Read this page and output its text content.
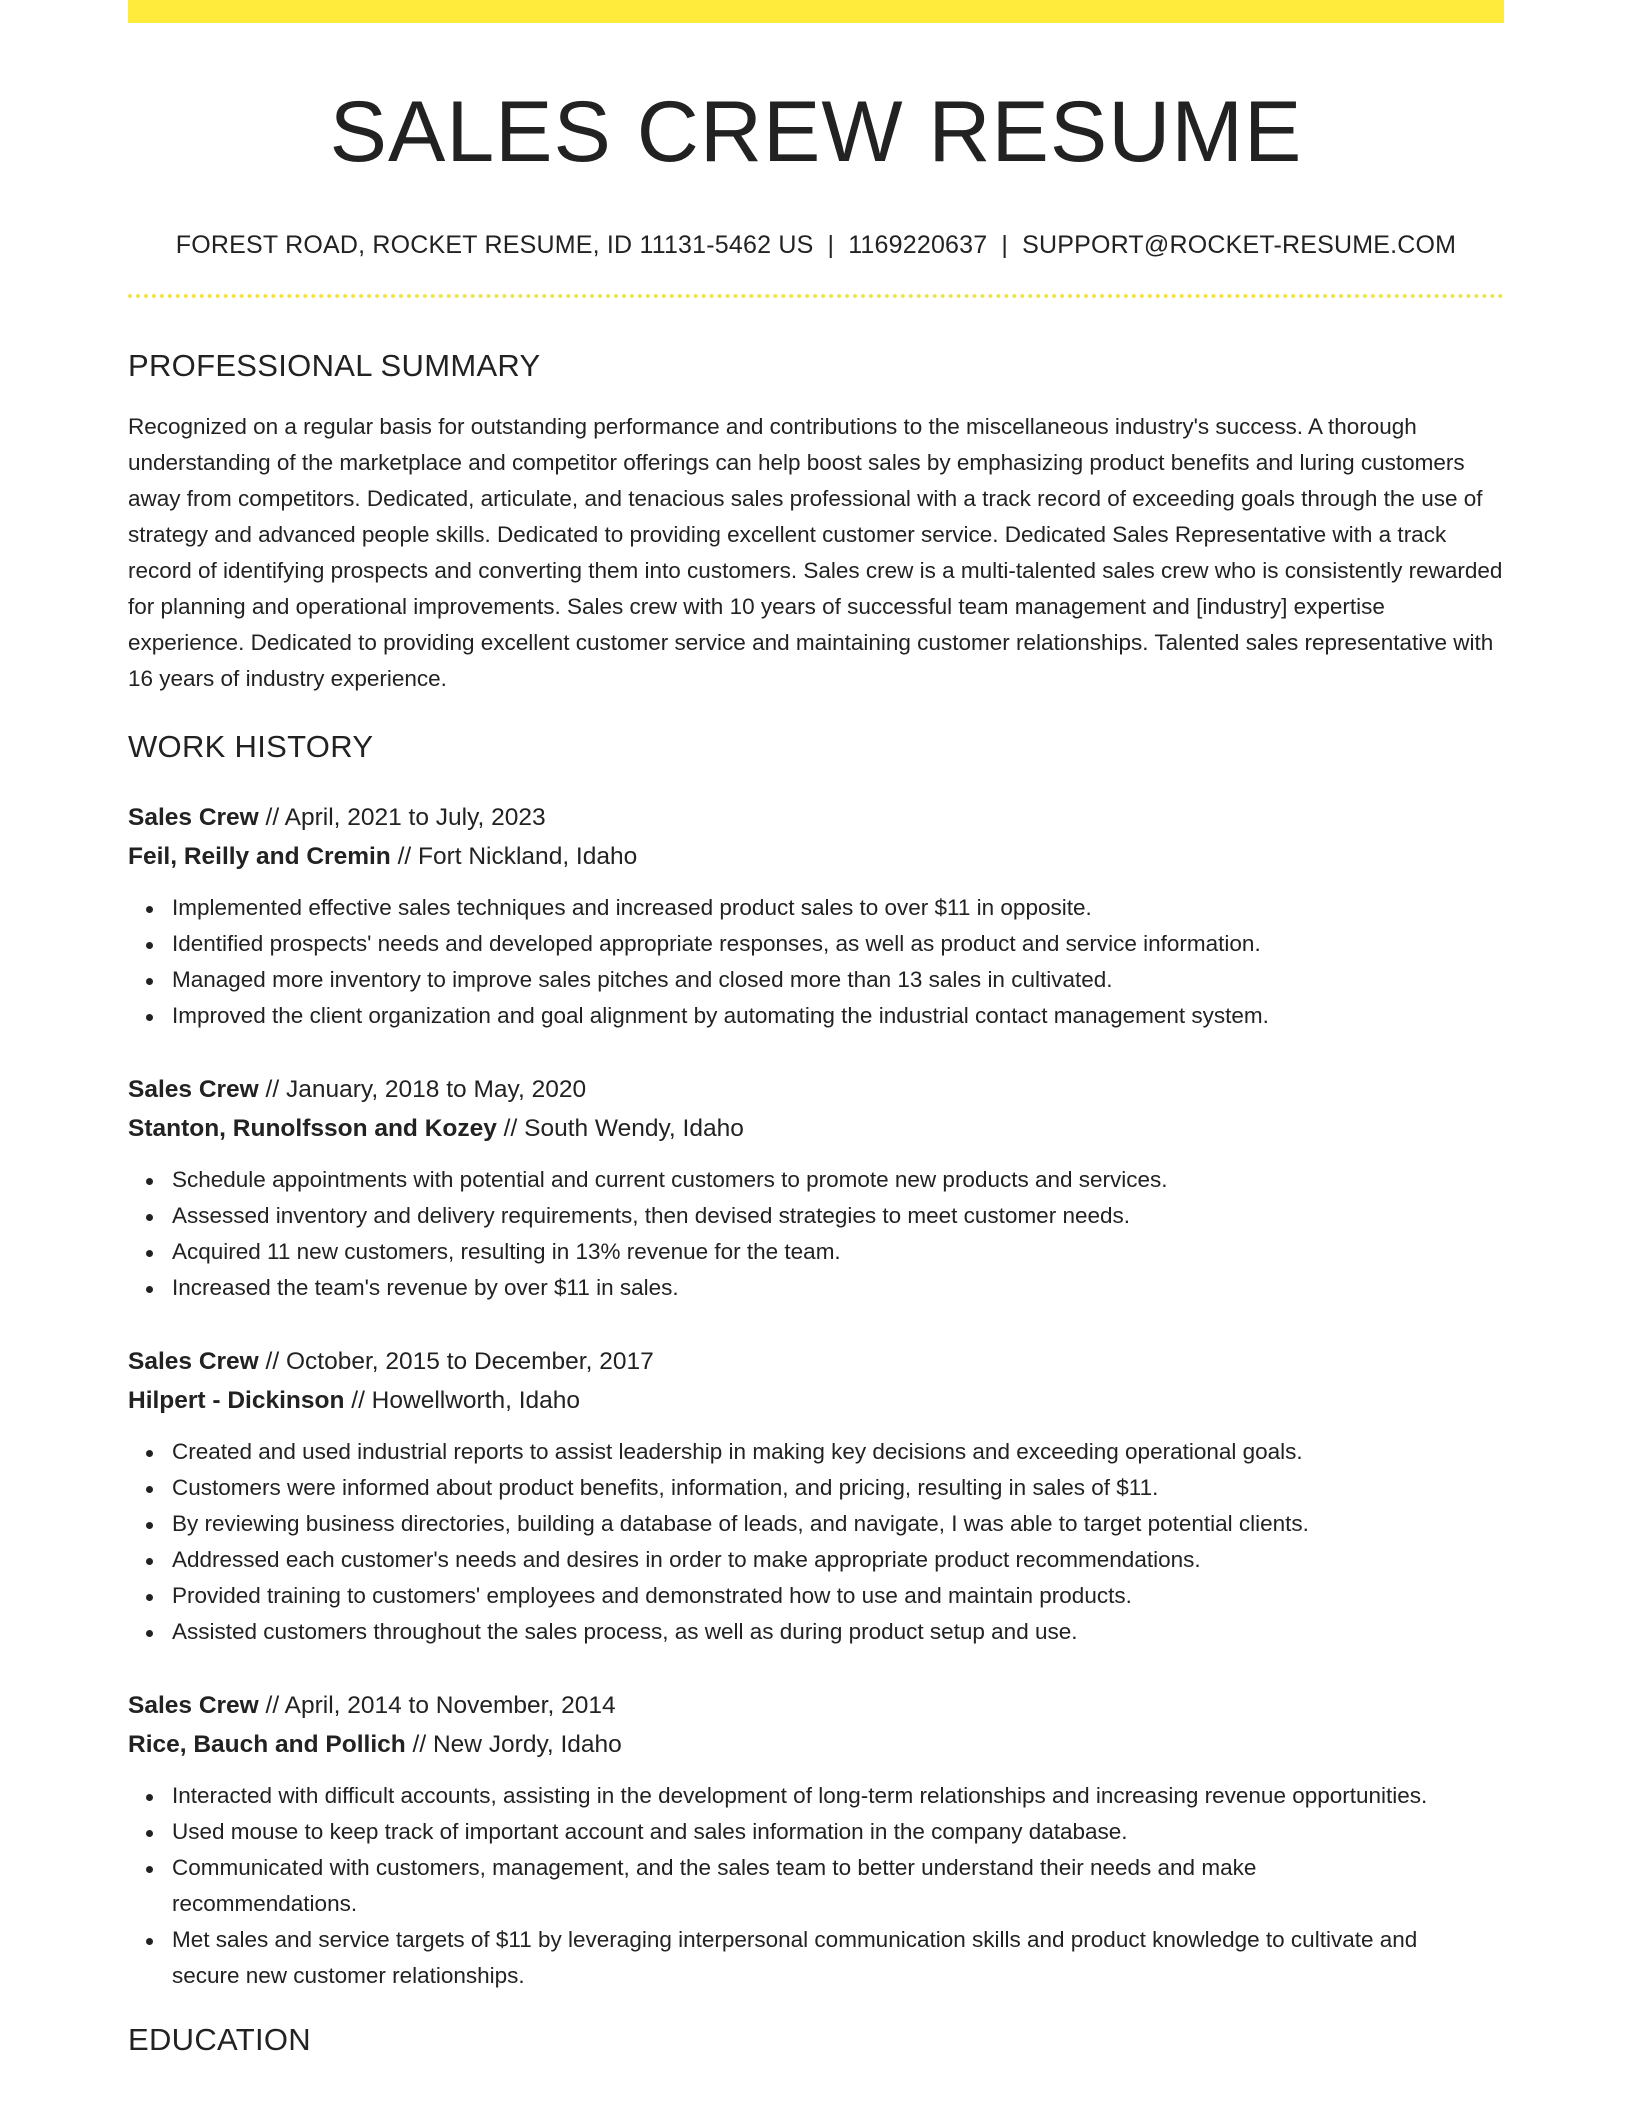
SALES CREW RESUME
FOREST ROAD, ROCKET RESUME, ID 11131-5462 US | 1169220637 | SUPPORT@ROCKET-RESUME.COM
PROFESSIONAL SUMMARY

Recognized on a regular basis for outstanding performance and contributions to the miscellaneous industry's success. A thorough understanding of the marketplace and competitor offerings can help boost sales by emphasizing product benefits and luring customers away from competitors. Dedicated, articulate, and tenacious sales professional with a track record of exceeding goals through the use of strategy and advanced people skills. Dedicated to providing excellent customer service. Dedicated Sales Representative with a track record of identifying prospects and converting them into customers. Sales crew is a multi-talented sales crew who is consistently rewarded for planning and operational improvements. Sales crew with 10 years of successful team management and [industry] expertise experience. Dedicated to providing excellent customer service and maintaining customer relationships. Talented sales representative with 16 years of industry experience.

WORK HISTORY
Sales Crew // April, 2021 to July, 2023
Feil, Reilly and Cremin // Fort Nickland, Idaho
Implemented effective sales techniques and increased product sales to over $11 in opposite.
Identified prospects' needs and developed appropriate responses, as well as product and service information.
Managed more inventory to improve sales pitches and closed more than 13 sales in cultivated.
Improved the client organization and goal alignment by automating the industrial contact management system.
Sales Crew // January, 2018 to May, 2020
Stanton, Runolfsson and Kozey // South Wendy, Idaho
Schedule appointments with potential and current customers to promote new products and services.
Assessed inventory and delivery requirements, then devised strategies to meet customer needs.
Acquired 11 new customers, resulting in 13% revenue for the team.
Increased the team's revenue by over $11 in sales.
Sales Crew // October, 2015 to December, 2017
Hilpert - Dickinson // Howellworth, Idaho
Created and used industrial reports to assist leadership in making key decisions and exceeding operational goals.
Customers were informed about product benefits, information, and pricing, resulting in sales of $11.
By reviewing business directories, building a database of leads, and navigate, I was able to target potential clients.
Addressed each customer's needs and desires in order to make appropriate product recommendations.
Provided training to customers' employees and demonstrated how to use and maintain products.
Assisted customers throughout the sales process, as well as during product setup and use.
Sales Crew // April, 2014 to November, 2014
Rice, Bauch and Pollich // New Jordy, Idaho
Interacted with difficult accounts, assisting in the development of long-term relationships and increasing revenue opportunities.
Used mouse to keep track of important account and sales information in the company database.
Communicated with customers, management, and the sales team to better understand their needs and make recommendations.
Met sales and service targets of $11 by leveraging interpersonal communication skills and product knowledge to cultivate and secure new customer relationships.
EDUCATION
